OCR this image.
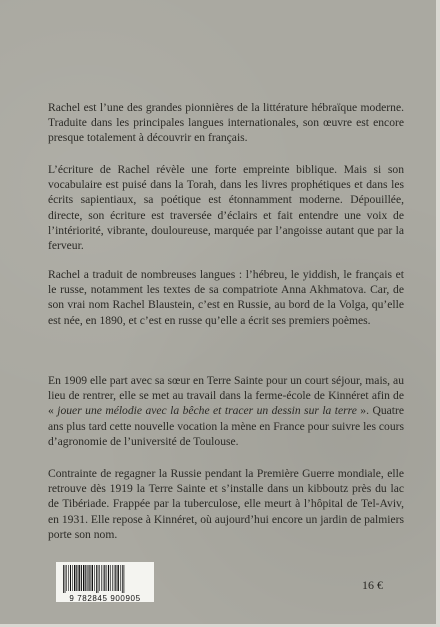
Rachel est l’une des grandes pionnières de la littérature hébraïque moderne. Traduite dans les principales langues internationales, son œuvre est encore presque totalement à découvrir en français.

L’écriture de Rachel révèle une forte empreinte biblique. Mais si son vocabulaire est puisé dans la Torah, dans les livres prophétiques et dans les écrits sapientiaux, sa poétique est étonnamment moderne. Dépouillée, directe, son écriture est traversée d’éclairs et fait entendre une voix de l’intériorité, vibrante, douloureuse, marquée par l’angoisse autant que par la ferveur.

Rachel a traduit de nombreuses langues : l’hébreu, le yiddish, le français et le russe, notamment les textes de sa compatriote Anna Akhmatova. Car, de son vrai nom Rachel Blaustein, c’est en Russie, au bord de la Volga, qu’elle est née, en 1890, et c’est en russe qu’elle a écrit ses premiers poèmes.

En 1909 elle part avec sa sœur en Terre Sainte pour un court séjour, mais, au lieu de rentrer, elle se met au travail dans la ferme-école de Kinnéret afin de « jouer une mélodie avec la bêche et tracer un dessin sur la terre ». Quatre ans plus tard cette nouvelle vocation la mène en France pour suivre les cours d’agronomie de l’université de Toulouse.

Contrainte de regagner la Russie pendant la Première Guerre mondiale, elle retrouve dès 1919 la Terre Sainte et s’installe dans un kibboutz près du lac de Tibériade. Frappée par la tuberculose, elle meurt à l’hôpital de Tel-Aviv, en 1931. Elle repose à Kinnéret, où aujourd’hui encore un jardin de palmiers porte son nom.

9 782845 900905
16 €
